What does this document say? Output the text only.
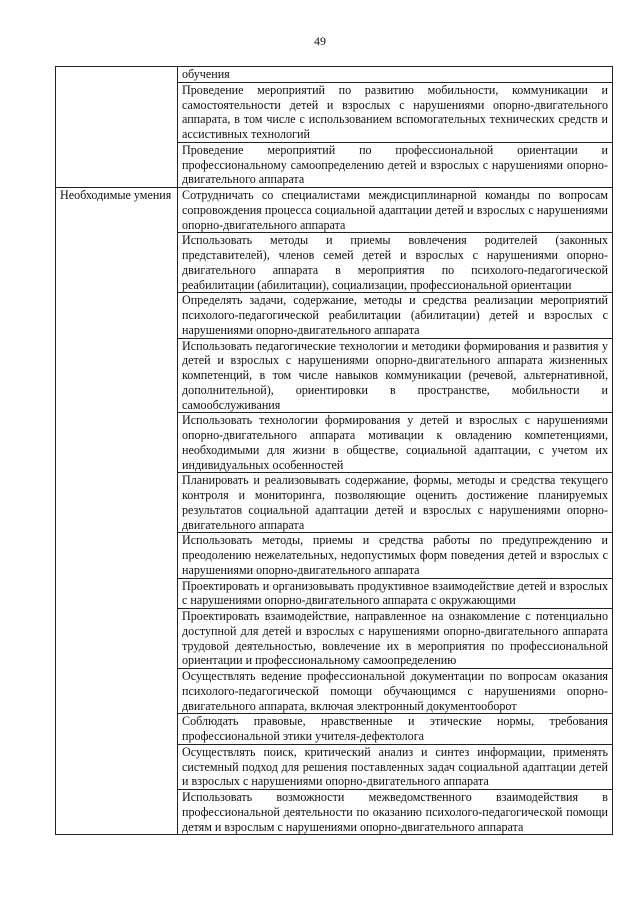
49

	обучения

	Проведение мероприятий по развитию мобильности, коммуникации и самостоятельности детей и взрослых с нарушениями опорно-двигательного аппарата, в том числе с использованием вспомогательных технических средств и ассистивных технологий

	Проведение мероприятий по профессиональной ориентации и профессиональному самоопределению детей и взрослых с нарушениями опорно-двигательного аппарата

Необходимые умения	Сотрудничать со специалистами междисциплинарной команды по вопросам сопровождения процесса социальной адаптации детей и взрослых с нарушениями опорно-двигательного аппарата

	Использовать методы и приемы вовлечения родителей (законных представителей), членов семей детей и взрослых с нарушениями опорно-двигательного аппарата в мероприятия по психолого-педагогической реабилитации (абилитации), социализации, профессиональной ориентации

	Определять задачи, содержание, методы и средства реализации мероприятий психолого-педагогической реабилитации (абилитации) детей и взрослых с нарушениями опорно-двигательного аппарата

	Использовать педагогические технологии и методики формирования и развития у детей и взрослых с нарушениями опорно-двигательного аппарата жизненных компетенций, в том числе навыков коммуникации (речевой, альтернативной, дополнительной), ориентировки в пространстве, мобильности и самообслуживания

	Использовать технологии формирования у детей и взрослых с нарушениями опорно-двигательного аппарата мотивации к овладению компетенциями, необходимыми для жизни в обществе, социальной адаптации, с учетом их индивидуальных особенностей

	Планировать и реализовывать содержание, формы, методы и средства текущего контроля и мониторинга, позволяющие оценить достижение планируемых результатов социальной адаптации детей и взрослых с нарушениями опорно-двигательного аппарата

	Использовать методы, приемы и средства работы по предупреждению и преодолению нежелательных, недопустимых форм поведения детей и взрослых с нарушениями опорно-двигательного аппарата

	Проектировать и организовывать продуктивное взаимодействие детей и взрослых с нарушениями опорно-двигательного аппарата с окружающими

	Проектировать взаимодействие, направленное на ознакомление с потенциально доступной для детей и взрослых с нарушениями опорно-двигательного аппарата трудовой деятельностью, вовлечение их в мероприятия по профессиональной ориентации и профессиональному самоопределению

	Осуществлять ведение профессиональной документации по вопросам оказания психолого-педагогической помощи обучающимся с нарушениями опорно-двигательного аппарата, включая электронный документооборот

	Соблюдать правовые, нравственные и этические нормы, требования профессиональной этики учителя-дефектолога

	Осуществлять поиск, критический анализ и синтез информации, применять системный подход для решения поставленных задач социальной адаптации детей и взрослых с нарушениями опорно-двигательного аппарата

	Использовать возможности межведомственного взаимодействия в профессиональной деятельности по оказанию психолого-педагогической помощи детям и взрослым с нарушениями опорно-двигательного аппарата
